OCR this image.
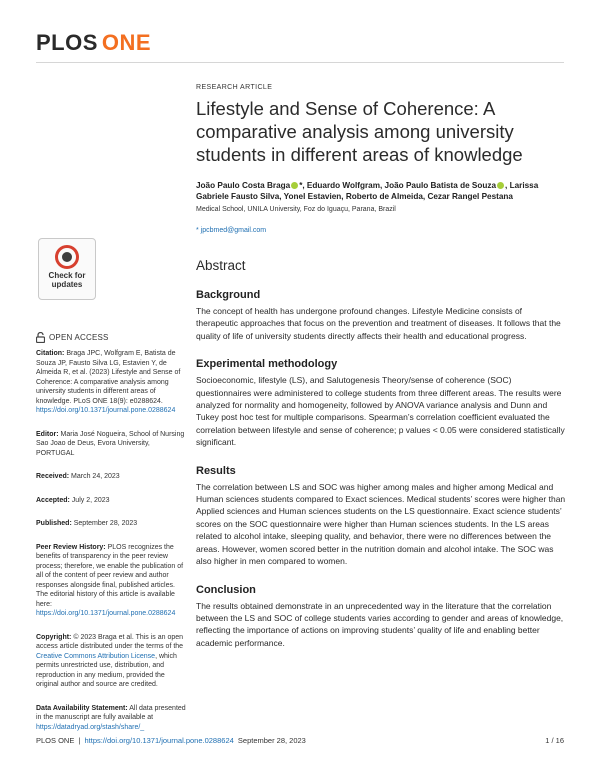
PLOS ONE
Check for
updates
OPEN ACCESS
Citation: Braga JPC, Wolfgram E, Batista de Souza JP, Fausto Silva LG, Estavien Y, de Almeida R, et al. (2023) Lifestyle and Sense of Coherence: A comparative analysis among university students in different areas of knowledge. PLoS ONE 18(9): e0288624. https://doi.org/10.1371/journal.pone.0288624
Editor: Maria José Nogueira, School of Nursing Sao Joao de Deus, Evora University, PORTUGAL
Received: March 24, 2023
Accepted: July 2, 2023
Published: September 28, 2023
Peer Review History: PLOS recognizes the benefits of transparency in the peer review process; therefore, we enable the publication of all of the content of peer review and author responses alongside final, published articles. The editorial history of this article is available here: https://doi.org/10.1371/journal.pone.0288624
Copyright: © 2023 Braga et al. This is an open access article distributed under the terms of the Creative Commons Attribution License, which permits unrestricted use, distribution, and reproduction in any medium, provided the original author and source are credited.
Data Availability Statement: All data presented in the manuscript are fully available at https://datadryad.org/stash/share/_
RESEARCH ARTICLE
Lifestyle and Sense of Coherence: A comparative analysis among university students in different areas of knowledge
João Paulo Costa Braga *, Eduardo Wolfgram, João Paulo Batista de Souza , Larissa Gabriele Fausto Silva, Yonel Estavien, Roberto de Almeida, Cezar Rangel Pestana
Medical School, UNILA University, Foz do Iguaçu, Parana, Brazil
* jpcbmed@gmail.com
Abstract
Background
The concept of health has undergone profound changes. Lifestyle Medicine consists of therapeutic approaches that focus on the prevention and treatment of diseases. It follows that the quality of life of university students directly affects their health and educational progress.
Experimental methodology
Socioeconomic, lifestyle (LS), and Salutogenesis Theory/sense of coherence (SOC) questionnaires were administered to college students from three different areas. The results were analyzed for normality and homogeneity, followed by ANOVA variance analysis and Dunn and Tukey post hoc test for multiple comparisons. Spearman’s correlation coefficient evaluated the correlation between lifestyle and sense of coherence; p values < 0.05 were considered statistically significant.
Results
The correlation between LS and SOC was higher among males and higher among Medical and Human sciences students compared to Exact sciences. Medical students’ scores were higher than Applied sciences and Human sciences students on the LS questionnaire. Exact science students’ scores on the SOC questionnaire were higher than Human sciences students. In the LS areas related to alcohol intake, sleeping quality, and behavior, there were no differences between the areas. However, women scored better in the nutrition domain and alcohol intake. The SOC was also higher in men compared to women.
Conclusion
The results obtained demonstrate in an unprecedented way in the literature that the correlation between the LS and SOC of college students varies according to gender and areas of knowledge, reflecting the importance of actions on improving students’ quality of life and enabling better academic performance.
PLOS ONE | https://doi.org/10.1371/journal.pone.0288624 September 28, 2023	1 / 16
